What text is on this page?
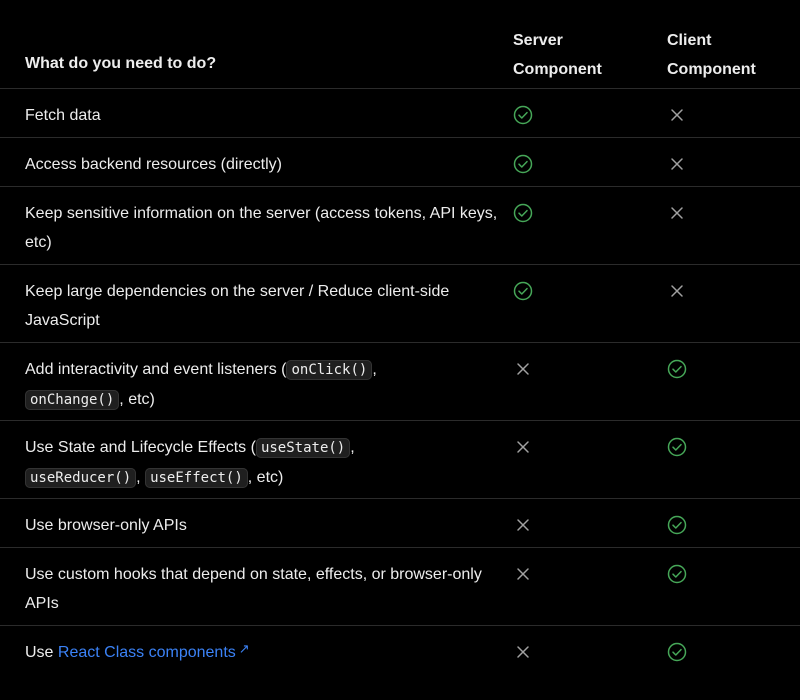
What do you need to do?
Server
Component
Client
Component
Fetch data
Access backend resources (directly)
Keep sensitive information on the server (access tokens, API keys, etc)
Keep large dependencies on the server / Reduce client-side JavaScript
Add interactivity and event listeners ( onClick() ,
onChange() , etc)
Use State and Lifecycle Effects ( useState() ,
useReducer() , useEffect() , etc)
Use browser-only APIs
Use custom hooks that depend on state, effects, or browser-only APIs
Use React Class components ↗
